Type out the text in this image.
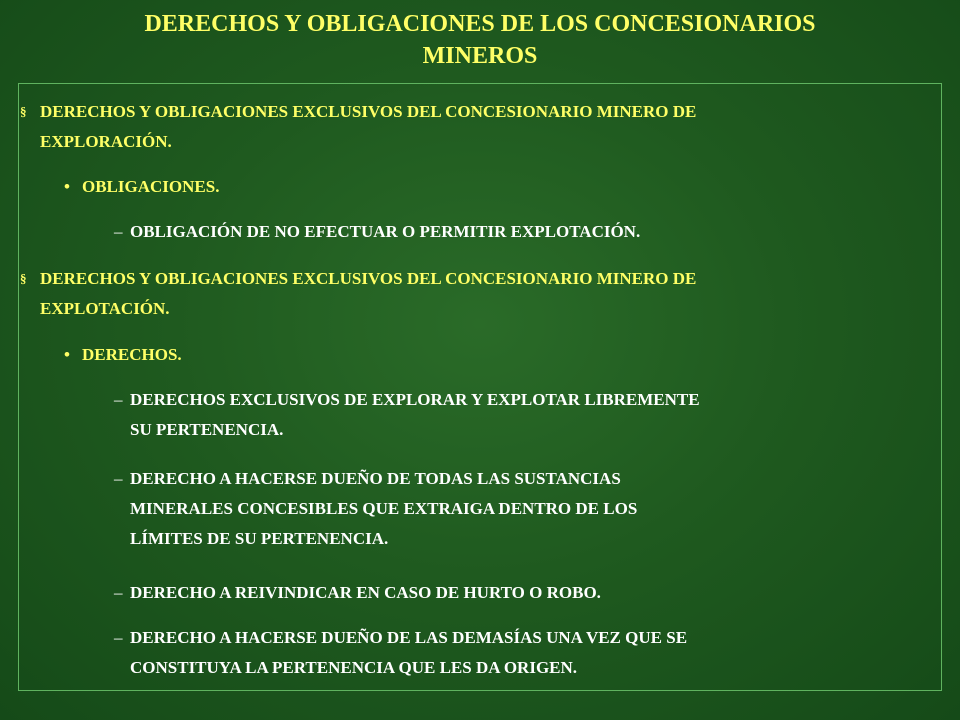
DERECHOS Y OBLIGACIONES DE LOS CONCESIONARIOS
MINEROS
§ DERECHOS Y OBLIGACIONES EXCLUSIVOS DEL CONCESIONARIO MINERO DE
EXPLORACIÓN.
• OBLIGACIONES.
– OBLIGACIÓN DE NO EFECTUAR O PERMITIR EXPLOTACIÓN.
§ DERECHOS Y OBLIGACIONES EXCLUSIVOS DEL CONCESIONARIO MINERO DE
EXPLOTACIÓN.
• DERECHOS.
– DERECHOS EXCLUSIVOS DE EXPLORAR Y EXPLOTAR LIBREMENTE
SU PERTENENCIA.
– DERECHO A HACERSE DUEÑO DE TODAS LAS SUSTANCIAS
MINERALES CONCESIBLES QUE EXTRAIGA DENTRO DE LOS
LÍMITES DE SU PERTENENCIA.
– DERECHO A REIVINDICAR EN CASO DE HURTO O ROBO.
– DERECHO A HACERSE DUEÑO DE LAS DEMASÍAS UNA VEZ QUE SE
CONSTITUYA LA PERTENENCIA QUE LES DA ORIGEN.
